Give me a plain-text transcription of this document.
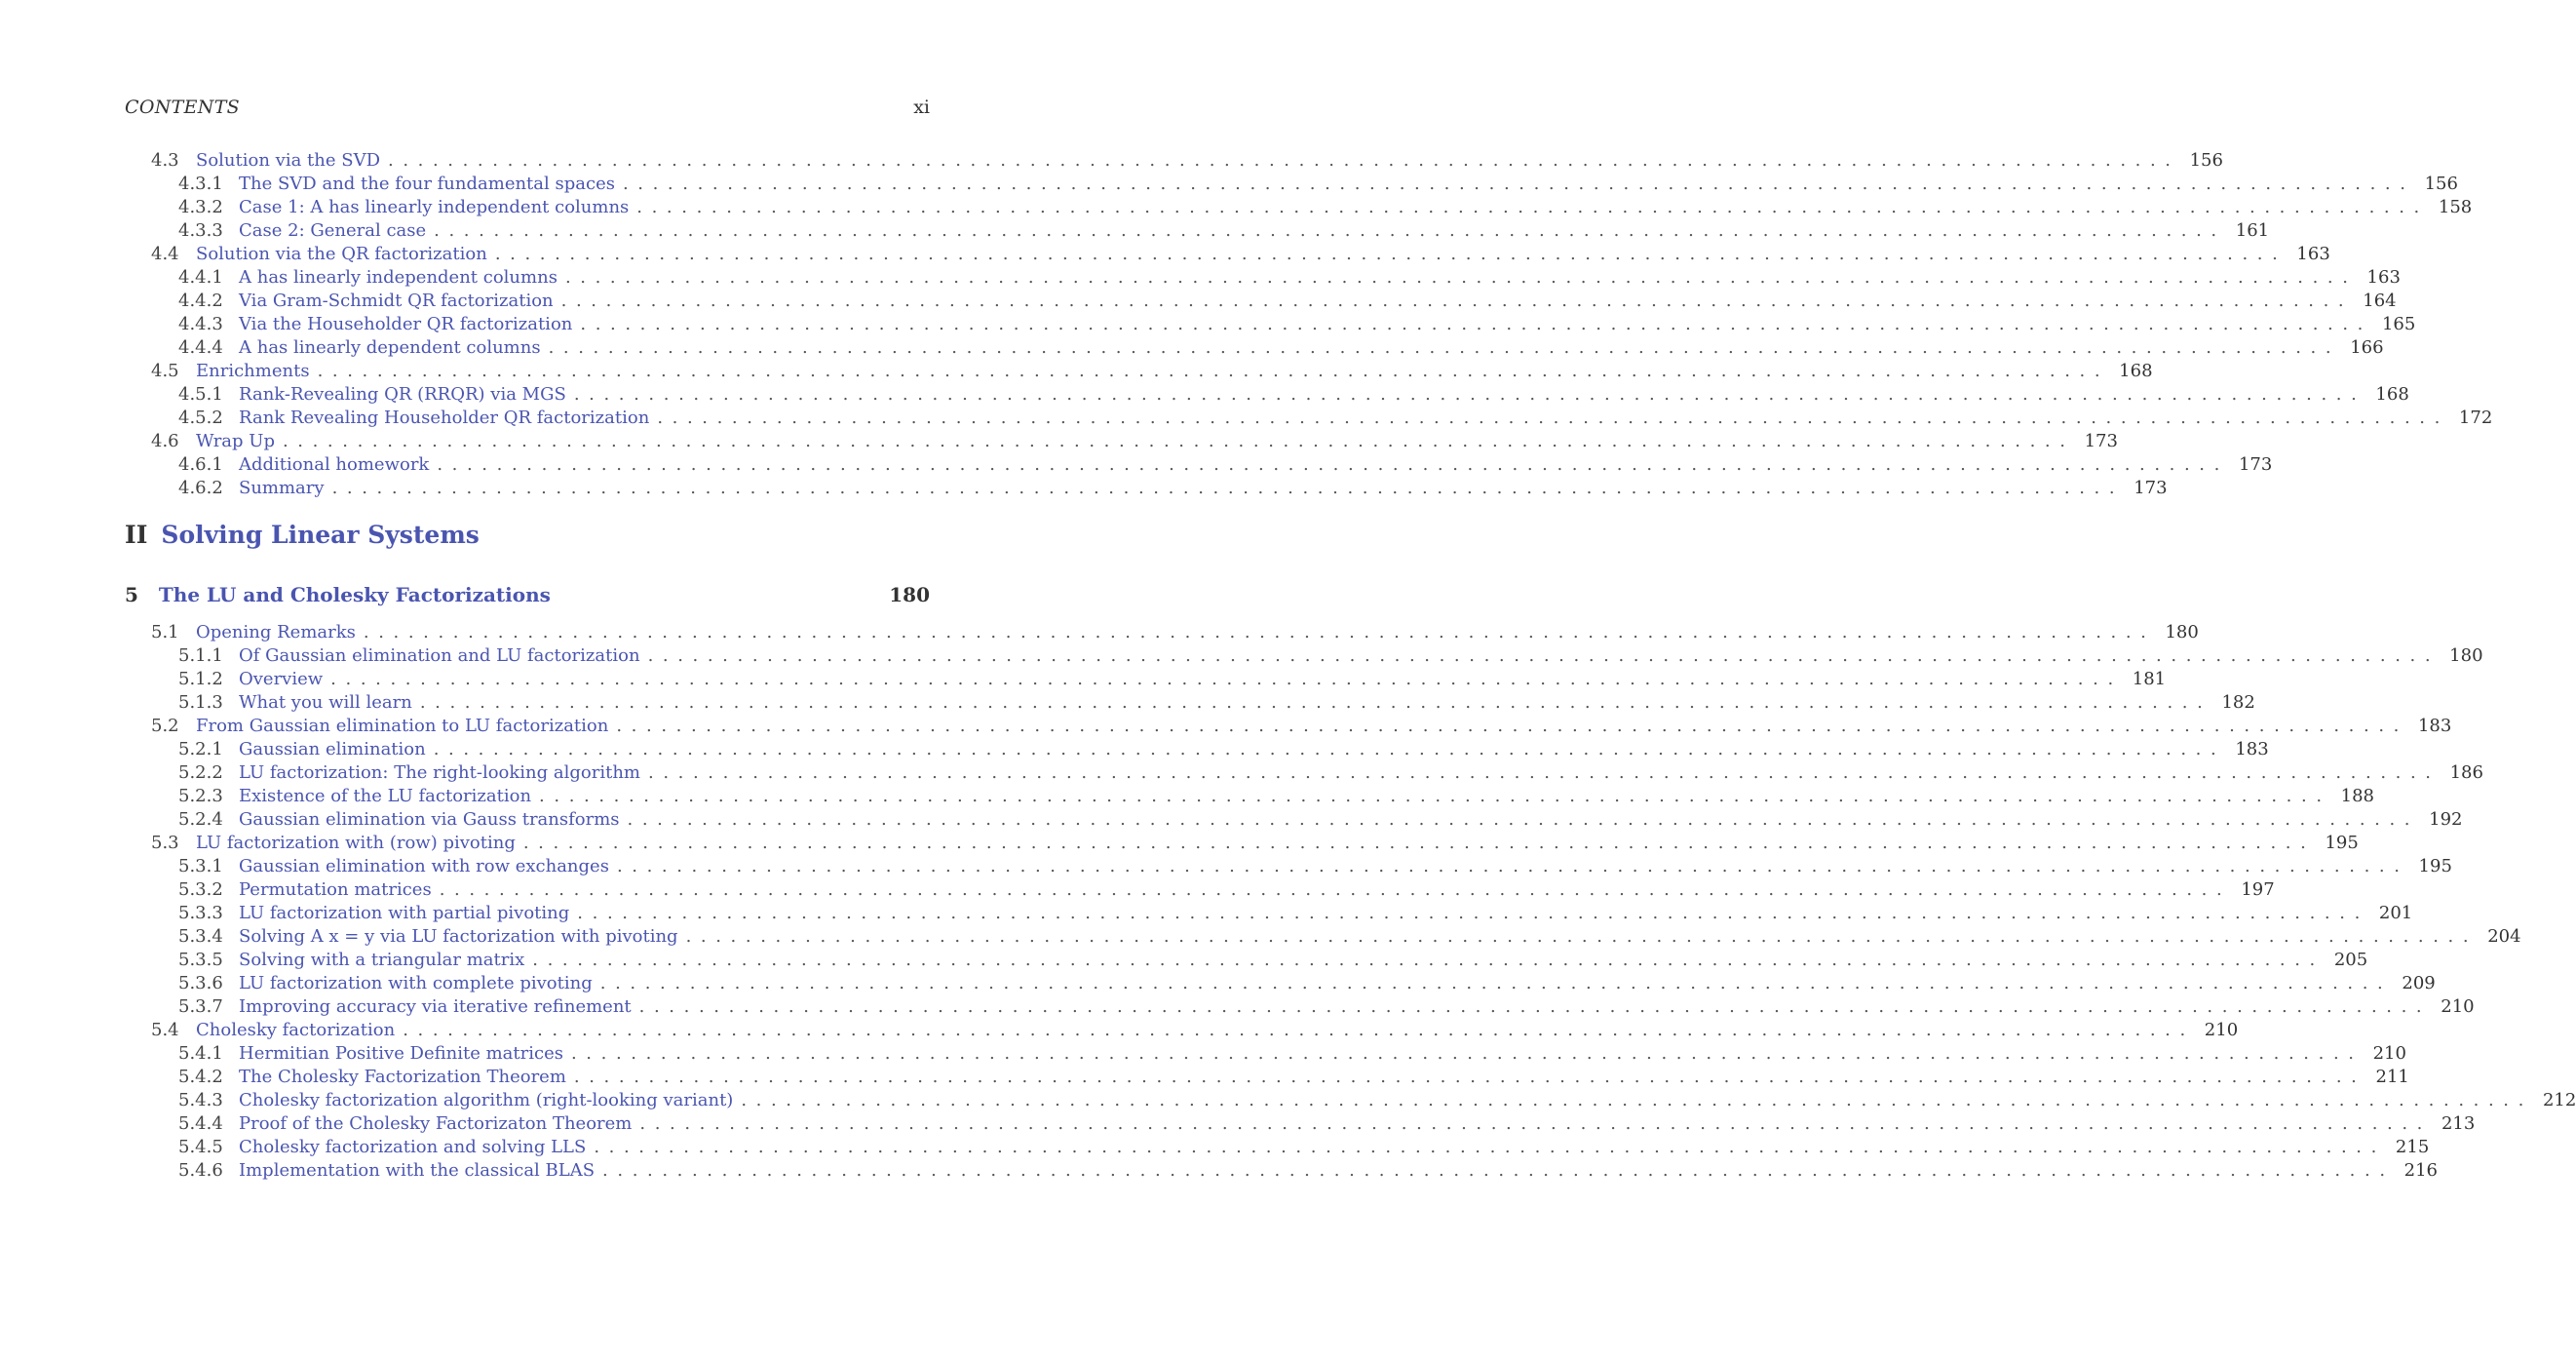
CONTENTS	xi
4.3 Solution via the SVD ........................................................................................................................ 156
4.3.1 The SVD and the four fundamental spaces ........................................................................................................................ 156
4.3.2 Case 1: A has linearly independent columns ........................................................................................................................ 158
4.3.3 Case 2: General case ........................................................................................................................ 161
4.4 Solution via the QR factorization ........................................................................................................................ 163
4.4.1 A has linearly independent columns ........................................................................................................................ 163
4.4.2 Via Gram-Schmidt QR factorization ........................................................................................................................ 164
4.4.3 Via the Householder QR factorization ........................................................................................................................ 165
4.4.4 A has linearly dependent columns ........................................................................................................................ 166
4.5 Enrichments ........................................................................................................................ 168
4.5.1 Rank-Revealing QR (RRQR) via MGS ........................................................................................................................ 168
4.5.2 Rank Revealing Householder QR factorization ........................................................................................................................ 172
4.6 Wrap Up ........................................................................................................................ 173
4.6.1 Additional homework ........................................................................................................................ 173
4.6.2 Summary ........................................................................................................................ 173
II Solving Linear Systems
5 The LU and Cholesky Factorizations	180
5.1 Opening Remarks ........................................................................................................................ 180
5.1.1 Of Gaussian elimination and LU factorization ........................................................................................................................ 180
5.1.2 Overview ........................................................................................................................ 181
5.1.3 What you will learn ........................................................................................................................ 182
5.2 From Gaussian elimination to LU factorization ........................................................................................................................ 183
5.2.1 Gaussian elimination ........................................................................................................................ 183
5.2.2 LU factorization: The right-looking algorithm ........................................................................................................................ 186
5.2.3 Existence of the LU factorization ........................................................................................................................ 188
5.2.4 Gaussian elimination via Gauss transforms ........................................................................................................................ 192
5.3 LU factorization with (row) pivoting ........................................................................................................................ 195
5.3.1 Gaussian elimination with row exchanges ........................................................................................................................ 195
5.3.2 Permutation matrices ........................................................................................................................ 197
5.3.3 LU factorization with partial pivoting ........................................................................................................................ 201
5.3.4 Solving A x = y via LU factorization with pivoting ........................................................................................................................ 204
5.3.5 Solving with a triangular matrix ........................................................................................................................ 205
5.3.6 LU factorization with complete pivoting ........................................................................................................................ 209
5.3.7 Improving accuracy via iterative refinement ........................................................................................................................ 210
5.4 Cholesky factorization ........................................................................................................................ 210
5.4.1 Hermitian Positive Definite matrices ........................................................................................................................ 210
5.4.2 The Cholesky Factorization Theorem ........................................................................................................................ 211
5.4.3 Cholesky factorization algorithm (right-looking variant) ........................................................................................................................ 212
5.4.4 Proof of the Cholesky Factorizaton Theorem ........................................................................................................................ 213
5.4.5 Cholesky factorization and solving LLS ........................................................................................................................ 215
5.4.6 Implementation with the classical BLAS ........................................................................................................................ 216
